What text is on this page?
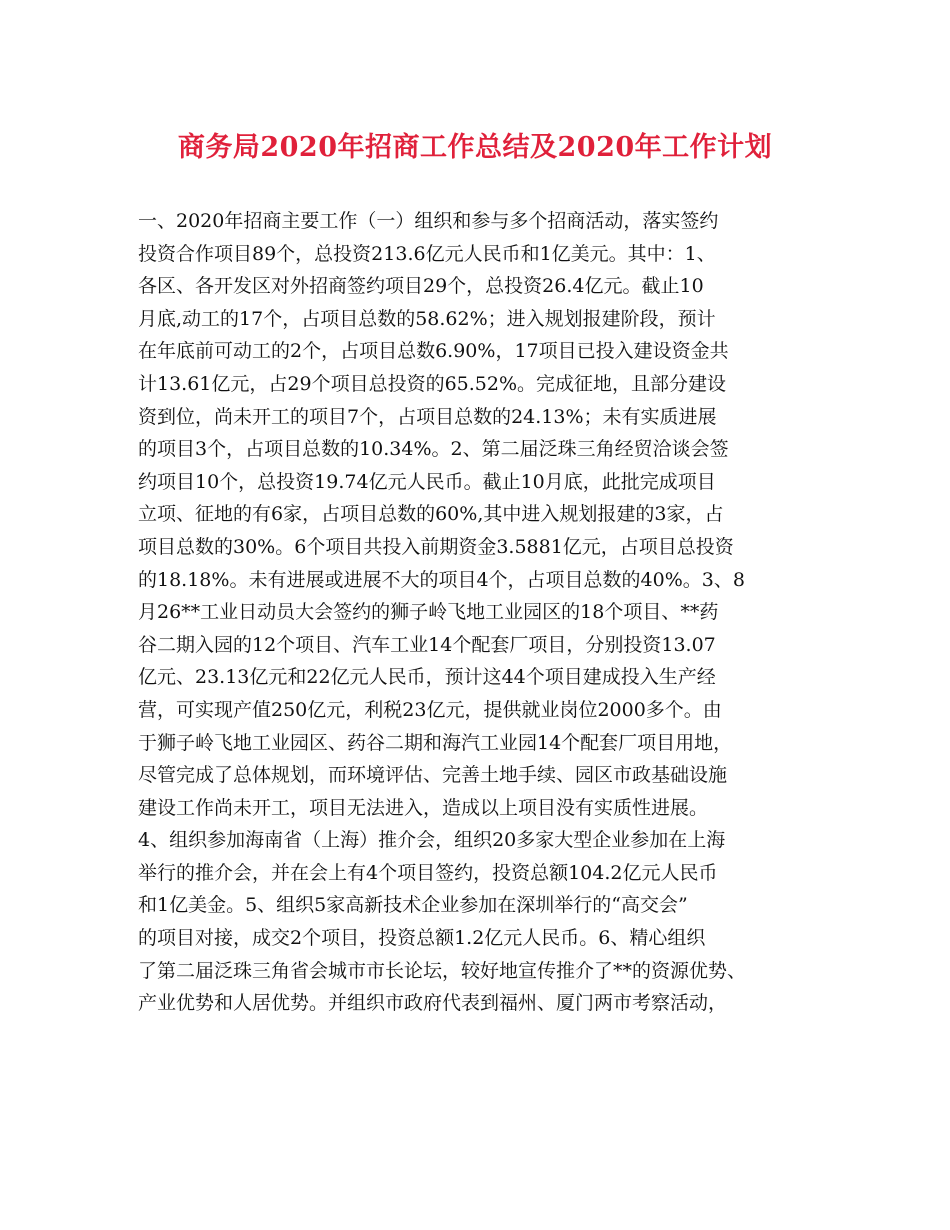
商务局2020年招商工作总结及2020年工作计划
一、2020年招商主要工作（一）组织和参与多个招商活动，落实签约
投资合作项目89个，总投资213.6亿元人民币和1亿美元。其中：1、
各区、各开发区对外招商签约项目29个，总投资26.4亿元。截止10
月底,动工的17个，占项目总数的58.62%；进入规划报建阶段，预计
在年底前可动工的2个，占项目总数6.90%，17项目已投入建设资金共
计13.61亿元，占29个项目总投资的65.52%。完成征地，且部分建设
资到位，尚未开工的项目7个，占项目总数的24.13%；未有实质进展
的项目3个，占项目总数的10.34%。2、第二届泛珠三角经贸洽谈会签
约项目10个，总投资19.74亿元人民币。截止10月底，此批完成项目
立项、征地的有6家，占项目总数的60%,其中进入规划报建的3家，占
项目总数的30%。6个项目共投入前期资金3.5881亿元，占项目总投资
的18.18%。未有进展或进展不大的项目4个，占项目总数的40%。3、8
月26**工业日动员大会签约的狮子岭飞地工业园区的18个项目、**药
谷二期入园的12个项目、汽车工业14个配套厂项目，分别投资13.07
亿元、23.13亿元和22亿元人民币，预计这44个项目建成投入生产经
营，可实现产值250亿元，利税23亿元，提供就业岗位2000多个。由
于狮子岭飞地工业园区、药谷二期和海汽工业园14个配套厂项目用地，
尽管完成了总体规划，而环境评估、完善土地手续、园区市政基础设施
建设工作尚未开工，项目无法进入，造成以上项目没有实质性进展。
4、组织参加海南省（上海）推介会，组织20多家大型企业参加在上海
举行的推介会，并在会上有4个项目签约，投资总额104.2亿元人民币
和1亿美金。5、组织5家高新技术企业参加在深圳举行的“高交会”
的项目对接，成交2个项目，投资总额1.2亿元人民币。6、精心组织
了第二届泛珠三角省会城市市长论坛，较好地宣传推介了**的资源优势、
产业优势和人居优势。并组织市政府代表到福州、厦门两市考察活动，
